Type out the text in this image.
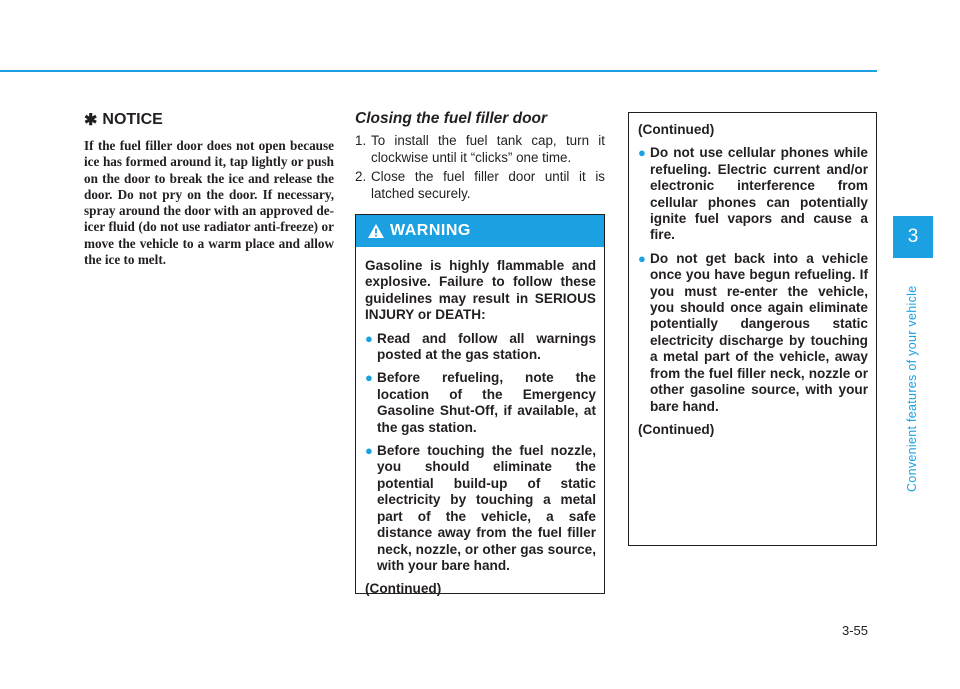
✱ NOTICE

If the fuel filler door does not open because ice has formed around it, tap lightly or push on the door to break the ice and release the door. Do not pry on the door. If necessary, spray around the door with an approved de-icer fluid (do not use radiator anti-freeze) or move the vehicle to a warm place and allow the ice to melt.

Closing the fuel filler door
1. To install the fuel tank cap, turn it clockwise until it “clicks” one time.
2. Close the fuel filler door until it is latched securely.
WARNING

Gasoline is highly flammable and explosive. Failure to follow these guidelines may result in SERIOUS INJURY or DEATH:

● Read and follow all warnings posted at the gas station.
● Before refueling, note the location of the Emergency Gasoline Shut-Off, if available, at the gas station.
● Before touching the fuel nozzle, you should eliminate the potential build-up of static electricity by touching a metal part of the vehicle, a safe distance away from the fuel filler neck, nozzle, or other gas source, with your bare hand.

(Continued)

(Continued)

● Do not use cellular phones while refueling. Electric current and/or electronic interference from cellular phones can potentially ignite fuel vapors and cause a fire.
● Do not get back into a vehicle once you have begun refueling. If you must re-enter the vehicle, you should once again eliminate potentially dangerous static electricity discharge by touching a metal part of the vehicle, away from the fuel filler neck, nozzle or other gasoline source, with your bare hand.

(Continued)

3
Convenient features of your vehicle
3-55
